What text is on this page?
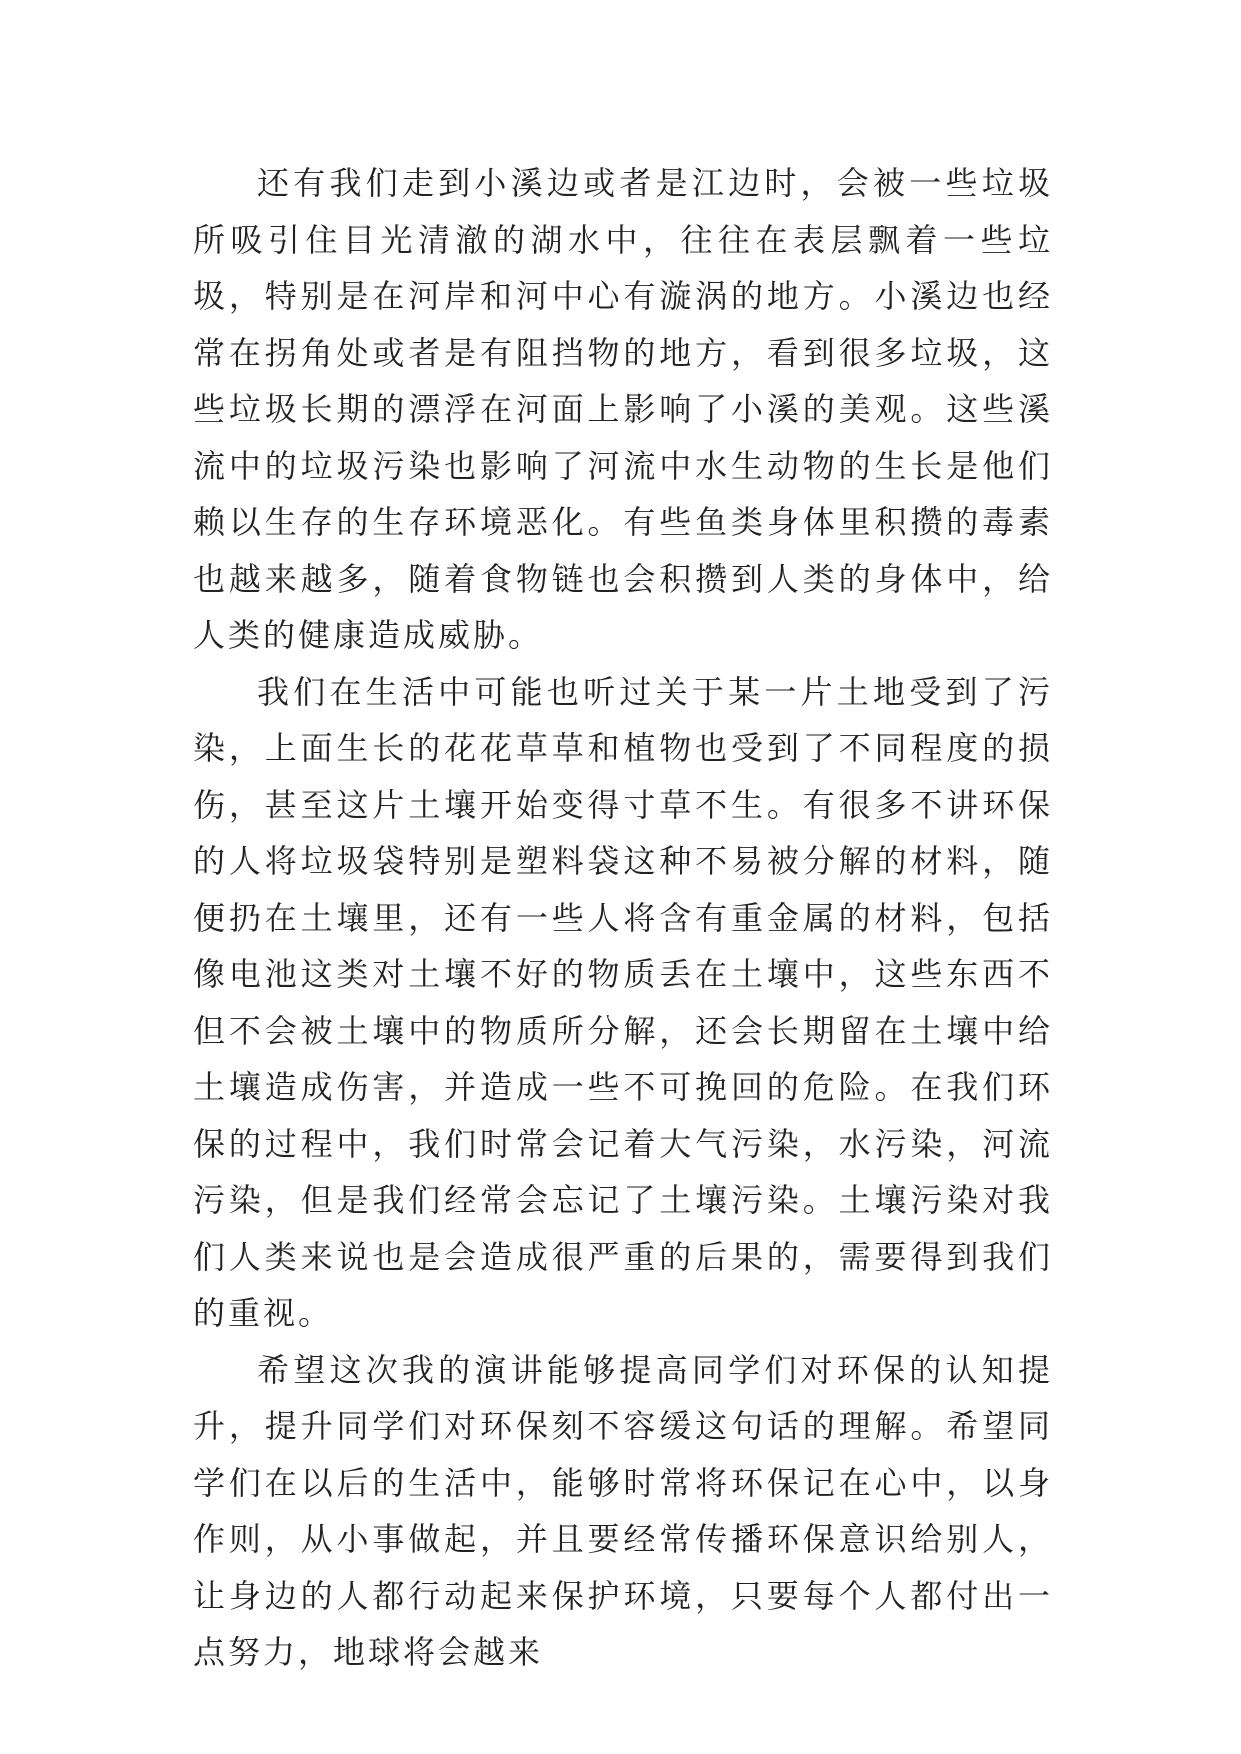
还有我们走到小溪边或者是江边时，会被一些垃圾所吸引住目光清澈的湖水中，往往在表层飘着一些垃圾，特别是在河岸和河中心有漩涡的地方。小溪边也经常在拐角处或者是有阻挡物的地方，看到很多垃圾，这些垃圾长期的漂浮在河面上影响了小溪的美观。这些溪流中的垃圾污染也影响了河流中水生动物的生长是他们赖以生存的生存环境恶化。有些鱼类身体里积攒的毒素也越来越多，随着食物链也会积攒到人类的身体中，给人类的健康造成威胁。

我们在生活中可能也听过关于某一片土地受到了污染，上面生长的花花草草和植物也受到了不同程度的损伤，甚至这片土壤开始变得寸草不生。有很多不讲环保的人将垃圾袋特别是塑料袋这种不易被分解的材料，随便扔在土壤里，还有一些人将含有重金属的材料，包括像电池这类对土壤不好的物质丢在土壤中，这些东西不但不会被土壤中的物质所分解，还会长期留在土壤中给土壤造成伤害，并造成一些不可挽回的危险。在我们环保的过程中，我们时常会记着大气污染，水污染，河流污染，但是我们经常会忘记了土壤污染。土壤污染对我们人类来说也是会造成很严重的后果的，需要得到我们的重视。

希望这次我的演讲能够提高同学们对环保的认知提升，提升同学们对环保刻不容缓这句话的理解。希望同学们在以后的生活中，能够时常将环保记在心中，以身作则，从小事做起，并且要经常传播环保意识给别人，让身边的人都行动起来保护环境，只要每个人都付出一点努力，地球将会越来
